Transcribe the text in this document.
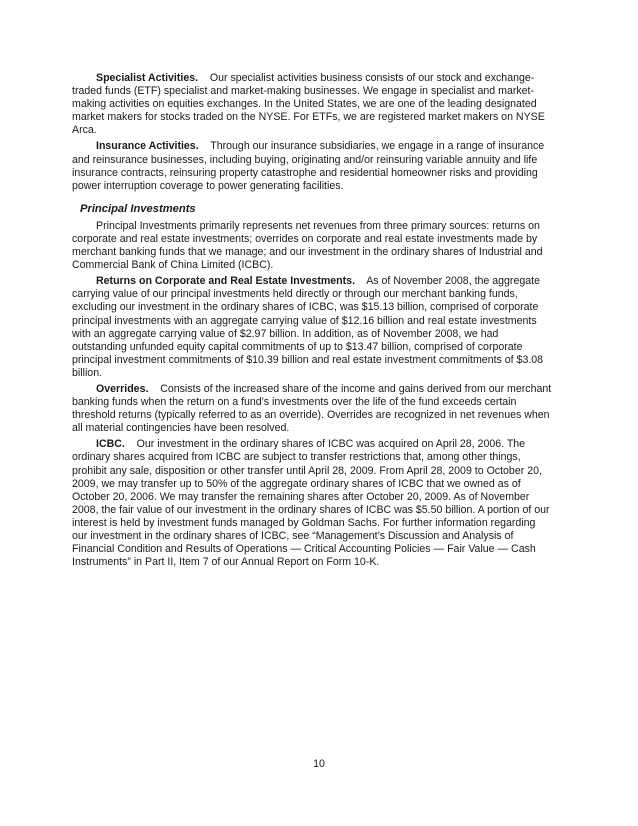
Specialist Activities. Our specialist activities business consists of our stock and exchange-traded funds (ETF) specialist and market-making businesses. We engage in specialist and market-making activities on equities exchanges. In the United States, we are one of the leading designated market makers for stocks traded on the NYSE. For ETFs, we are registered market makers on NYSE Arca.

Insurance Activities. Through our insurance subsidiaries, we engage in a range of insurance and reinsurance businesses, including buying, originating and/or reinsuring variable annuity and life insurance contracts, reinsuring property catastrophe and residential homeowner risks and providing power interruption coverage to power generating facilities.

Principal Investments

Principal Investments primarily represents net revenues from three primary sources: returns on corporate and real estate investments; overrides on corporate and real estate investments made by merchant banking funds that we manage; and our investment in the ordinary shares of Industrial and Commercial Bank of China Limited (ICBC).

Returns on Corporate and Real Estate Investments. As of November 2008, the aggregate carrying value of our principal investments held directly or through our merchant banking funds, excluding our investment in the ordinary shares of ICBC, was $15.13 billion, comprised of corporate principal investments with an aggregate carrying value of $12.16 billion and real estate investments with an aggregate carrying value of $2.97 billion. In addition, as of November 2008, we had outstanding unfunded equity capital commitments of up to $13.47 billion, comprised of corporate principal investment commitments of $10.39 billion and real estate investment commitments of $3.08 billion.

Overrides. Consists of the increased share of the income and gains derived from our merchant banking funds when the return on a fund’s investments over the life of the fund exceeds certain threshold returns (typically referred to as an override). Overrides are recognized in net revenues when all material contingencies have been resolved.

ICBC. Our investment in the ordinary shares of ICBC was acquired on April 28, 2006. The ordinary shares acquired from ICBC are subject to transfer restrictions that, among other things, prohibit any sale, disposition or other transfer until April 28, 2009. From April 28, 2009 to October 20, 2009, we may transfer up to 50% of the aggregate ordinary shares of ICBC that we owned as of October 20, 2006. We may transfer the remaining shares after October 20, 2009. As of November 2008, the fair value of our investment in the ordinary shares of ICBC was $5.50 billion. A portion of our interest is held by investment funds managed by Goldman Sachs. For further information regarding our investment in the ordinary shares of ICBC, see “Management’s Discussion and Analysis of Financial Condition and Results of Operations — Critical Accounting Policies — Fair Value — Cash Instruments” in Part II, Item 7 of our Annual Report on Form 10-K.

10
